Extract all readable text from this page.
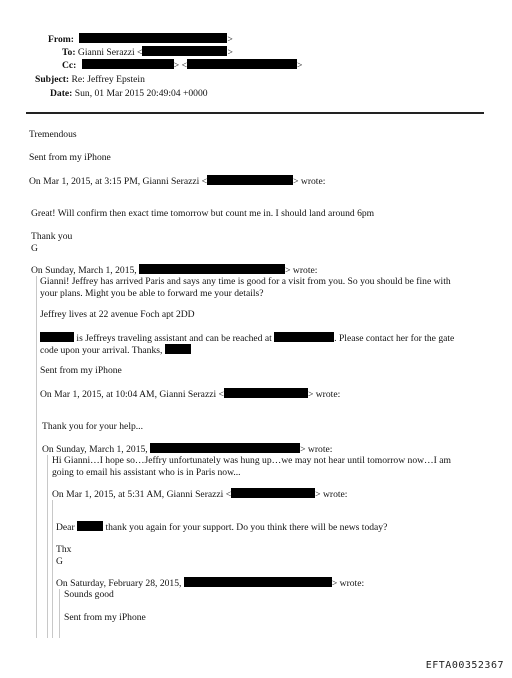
From:	>
To: Gianni Serazzi <	>
Cc:	> <	>
Subject: Re: Jeffrey Epstein
Date: Sun, 01 Mar 2015 20:49:04 +0000
Tremendous
Sent from my iPhone
On Mar 1, 2015, at 3:15 PM, Gianni Serazzi <	> wrote:
Great! Will confirm then exact time tomorrow but count me in. I should land around 6pm
Thank you
G
On Sunday, March 1, 2015,	> wrote:
Gianni! Jeffrey has arrived Paris and says any time is good for a visit from you. So you should be fine with
your plans. Might you be able to forward me your details?
Jeffrey lives at 22 avenue Foch apt 2DD
is Jeffreys traveling assistant and can be reached at	. Please contact her for the gate
code upon your arrival. Thanks,
Sent from my iPhone
On Mar 1, 2015, at 10:04 AM, Gianni Serazzi <	> wrote:
Thank you for your help...
On Sunday, March 1, 2015,	> wrote:
Hi Gianni…I hope so…Jeffry unfortunately was hung up…we may not hear until tomorrow now…I am
going to email his assistant who is in Paris now...
On Mar 1, 2015, at 5:31 AM, Gianni Serazzi <	> wrote:
Dear	thank you again for your support. Do you think there will be news today?
Thx
G
On Saturday, February 28, 2015,	> wrote:
Sounds good
Sent from my iPhone
EFTA00352367
